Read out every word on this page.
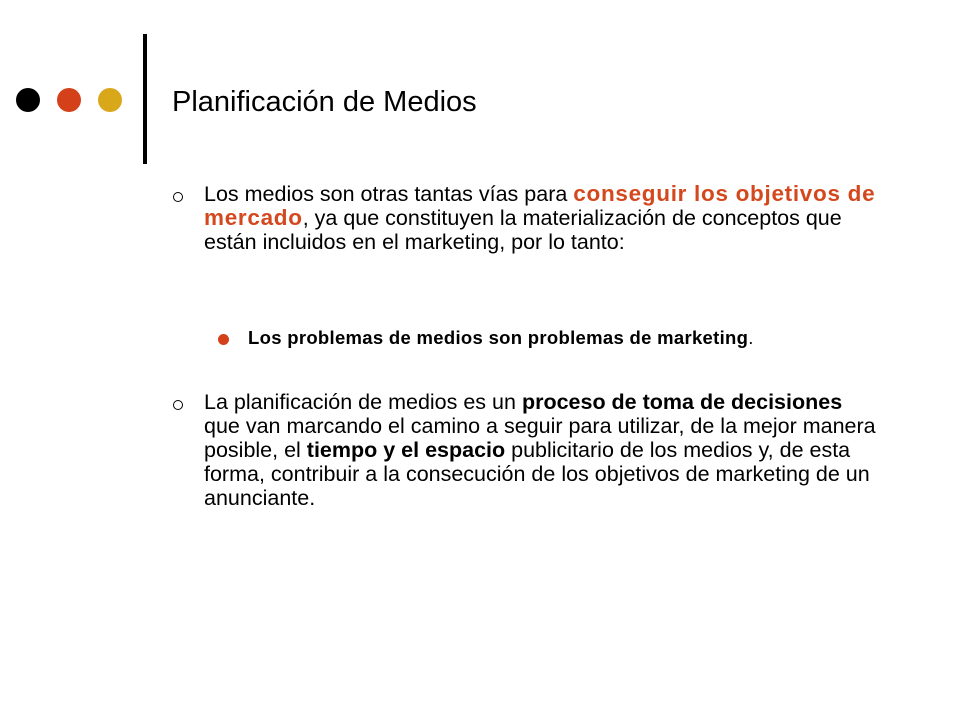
Planificación de Medios
Los medios son otras tantas vías para conseguir los objetivos de mercado, ya que constituyen la materialización de conceptos que están incluidos en el marketing, por lo tanto:
Los problemas de medios son problemas de marketing.
La planificación de medios es un proceso de toma de decisiones que van marcando el camino a seguir para utilizar, de la mejor manera posible, el tiempo y el espacio publicitario de los medios y, de esta forma, contribuir a la consecución de los objetivos de marketing de un anunciante.
